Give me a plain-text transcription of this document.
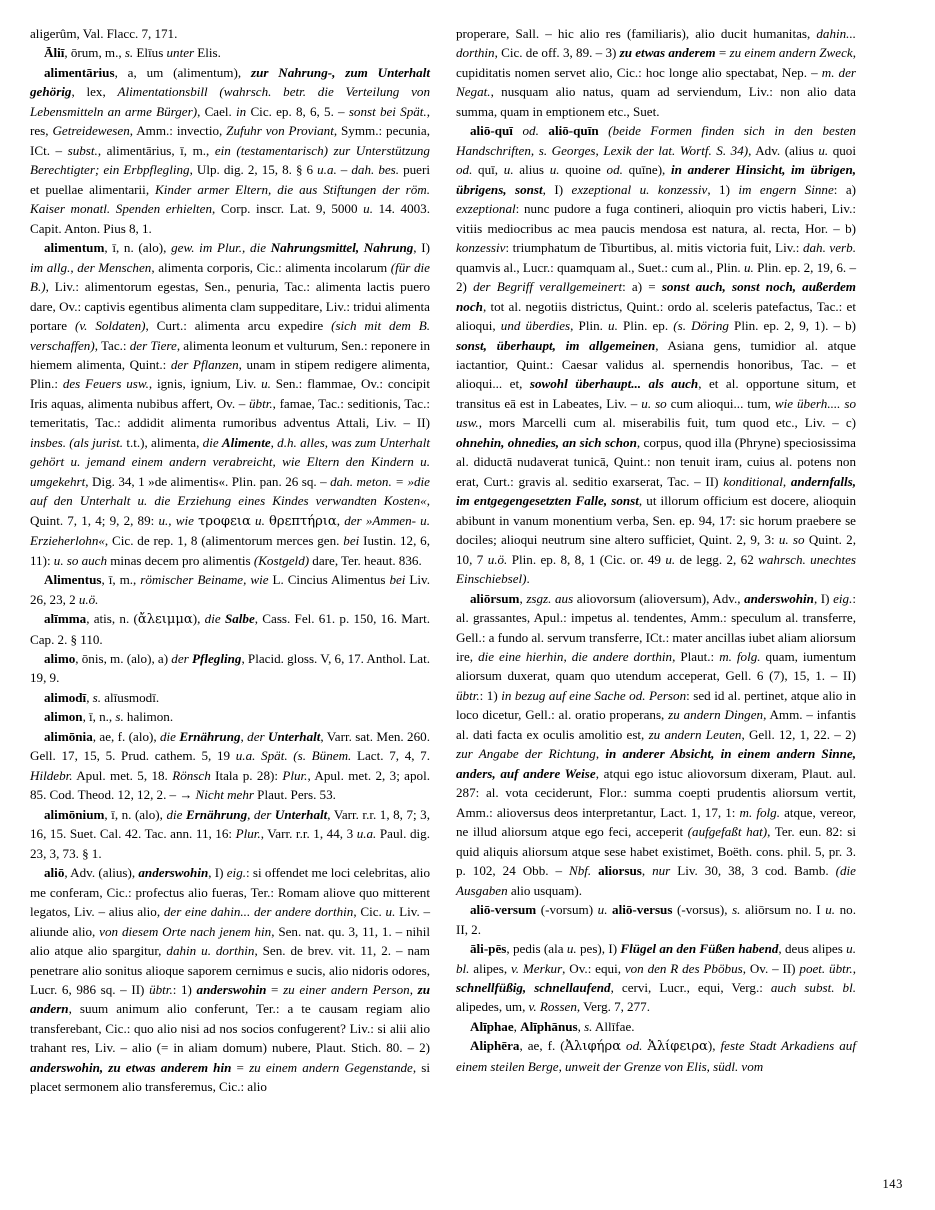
aligerûm, Val. Flacc. 7, 171.

Āliī, ōrum, m., s. Elīus unter Elis.

alimentārius, a, um (alimentum), zur Nahrung-, zum Unterhalt gehörig, lex, Alimentationsbill (wahrsch. betr. die Verteilung von Lebensmitteln an arme Bürger), Cael. in Cic. ep. 8, 6, 5. – sonst bei Spät., res, Getreidewesen, Amm.: invectio, Zufuhr von Proviant, Symm.: pecunia, ICt. – subst., alimentārius, ī, m., ein (testamentarisch) zur Unterstützung Berechtigter; ein Erbpflegling, Ulp. dig. 2, 15, 8. § 6 u.a. – dah. bes. pueri et puellae alimentarii, Kinder armer Eltern, die aus Stiftungen der röm. Kaiser monatl. Spenden erhielten, Corp. inscr. Lat. 9, 5000 u. 14. 4003. Capit. Anton. Pius 8, 1.

alimentum, ī, n. (alo), gew. im Plur., die Nahrungsmittel, Nahrung, I) im allg., der Menschen, alimenta corporis, Cic.: alimenta incolarum (für die B.), Liv.: alimentorum egestas, Sen., penuria, Tac.: alimenta lactis puero dare, Ov.: captivis egentibus alimenta clam suppeditare, Liv.: tridui alimenta portare (v. Soldaten), Curt.: alimenta arcu expedire (sich mit dem B. verschaffen), Tac.: der Tiere, alimenta leonum et vulturum, Sen.: reponere in hiemem alimenta, Quint.: der Pflanzen, unam in stipem redigere alimenta, Plin.: des Feuers usw., ignis, ignium, Liv. u. Sen.: flammae, Ov.: concipit Iris aquas, alimenta nubibus affert, Ov. – übtr., famae, Tac.: seditionis, Tac.: temeritatis, Tac.: addidit alimenta rumoribus adventus Attali, Liv. – II) insbes. (als jurist. t.t.), alimenta, die Alimente, d.h. alles, was zum Unterhalt gehört u. jemand einem andern verabreicht, wie Eltern den Kindern u. umgekehrt, Dig. 34, 1 »de alimentis«. Plin. pan. 26 sq. – dah. meton. = »die auf den Unterhalt u. die Erziehung eines Kindes verwandten Kosten«, Quint. 7, 1, 4; 9, 2, 89: u., wie τροφεια u. θρεπτήρια, der »Ammen- u. Erzieherlohn«, Cic. de rep. 1, 8 (alimentorum merces gen. bei Iustin. 12, 6, 11): u. so auch minas decem pro alimentis (Kostgeld) dare, Ter. heaut. 836.

Alimentus, ī, m., römischer Beiname, wie L. Cincius Alimentus bei Liv. 26, 23, 2 u.ö.

alīmma, atis, n. (ἄλειμμα), die Salbe, Cass. Fel. 61. p. 150, 16. Mart. Cap. 2. § 110.

alimo, ōnis, m. (alo), a) der Pflegling, Placid. gloss. V, 6, 17. Anthol. Lat. 19, 9.

alimodī, s. alīusmodī.

alimon, ī, n., s. halimon.

alimōnia, ae, f. (alo), die Ernährung, der Unterhalt, Varr. sat. Men. 260. Gell. 17, 15, 5. Prud. cathem. 5, 19 u.a. Spät. (s. Bünem. Lact. 7, 4, 7. Hildebr. Apul. met. 5, 18. Rönsch Itala p. 28): Plur., Apul. met. 2, 3; apol. 85. Cod. Theod. 12, 12, 2. – → Nicht mehr Plaut. Pers. 53.

alimōnium, ī, n. (alo), die Ernährung, der Unterhalt, Varr. r.r. 1, 8, 7; 3, 16, 15. Suet. Cal. 42. Tac. ann. 11, 16: Plur., Varr. r.r. 1, 44, 3 u.a. Paul. dig. 23, 3, 73. § 1.

aliō, Adv. (alius), anderswohin, I) eig.: si offendet me loci celebritas, alio me conferam, Cic.: profectus alio fueras, Ter.: Romam aliove quo mitterent legatos, Liv. – alius alio, der eine dahin... der andere dorthin, Cic. u. Liv. – aliunde alio, von diesem Orte nach jenem hin, Sen. nat. qu. 3, 11, 1. – nihil alio atque alio spargitur, dahin u. dorthin, Sen. de brev. vit. 11, 2. – nam penetrare alio sonitus alioque saporem cernimus e sucis, alio nidoris odores, Lucr. 6, 986 sq. – II) übtr.: 1) anderswohin = zu einer andern Person, zu andern, suum animum alio conferunt, Ter.: a te causam regiam alio transferebant, Cic.: quo alio nisi ad nos socios confugerent? Liv.: si alii alio trahant res, Liv. – alio (= in aliam domum) nubere, Plaut. Stich. 80. – 2) anderswohin, zu etwas anderem hin = zu einem andern Gegenstande, si placet sermonem alio transferemus, Cic.: alio

properare, Sall. – hic alio res (familiaris), alio ducit humanitas, dahin... dorthin, Cic. de off. 3, 89. – 3) zu etwas anderem = zu einem andern Zweck, cupiditatis nomen servet alio, Cic.: hoc longe alio spectabat, Nep. – m. der Negat., nusquam alio natus, quam ad serviendum, Liv.: non alio data summa, quam in emptionem etc., Suet.

aliō-quī od. aliō-quīn (beide Formen finden sich in den besten Handschriften, s. Georges, Lexik der lat. Wortf. S. 34), Adv. (alius u. quoi od. quī, u. alius u. quoine od. quīne), in anderer Hinsicht, im übrigen, übrigens, sonst, I) exzeptional u. konzessiv, 1) im engern Sinne: a) exzeptional: nunc pudore a fuga contineri, alioquin pro victis haberi, Liv.: vitiis mediocribus ac mea paucis mendosa est natura, al. recta, Hor. – b) konzessiv: triumphatum de Tiburtibus, al. mitis victoria fuit, Liv.: dah. verb. quamvis al., Lucr.: quamquam al., Suet.: cum al., Plin. u. Plin. ep. 2, 19, 6. – 2) der Begriff verallgemeinert: a) = sonst auch, sonst noch, außerdem noch, tot al. negotiis districtus, Quint.: ordo al. sceleris patefactus, Tac.: et alioqui, und überdies, Plin. u. Plin. ep. (s. Döring Plin. ep. 2, 9, 1). – b) sonst, überhaupt, im allgemeinen, Asiana gens, tumidior al. atque iactantior, Quint.: Caesar validus al. spernendis honoribus, Tac. – et alioqui... et, sowohl überhaupt... als auch, et al. opportune situm, et transitus eā est in Labeates, Liv. – u. so cum alioqui... tum, wie überh.... so usw., mors Marcelli cum al. miserabilis fuit, tum quod etc., Liv. – c) ohnehin, ohnedies, an sich schon, corpus, quod illa (Phryne) speciosissima al. diductā nudaverat tunicā, Quint.: non tenuit iram, cuius al. potens non erat, Curt.: gravis al. seditio exarserat, Tac. – II) konditional, andernfalls, im entgegengesetzten Falle, sonst, ut illorum officium est docere, alioquin abibunt in vanum monentium verba, Sen. ep. 94, 17: sic horum praebere se dociles; alioqui neutrum sine altero sufficiet, Quint. 2, 9, 3: u. so Quint. 2, 10, 7 u.ö. Plin. ep. 8, 8, 1 (Cic. or. 49 u. de legg. 2, 62 wahrsch. unechtes Einschiebsel).

aliōrsum, zsgz. aus aliovorsum (alioversum), Adv., anderswohin, I) eig.: al. grassantes, Apul.: impetus al. tendentes, Amm.: speculum al. transferre, Gell.: a fundo al. servum transferre, ICt.: mater ancillas iubet aliam aliorsum ire, die eine hierhin, die andere dorthin, Plaut.: m. folg. quam, iumentum aliorsum duxerat, quam quo utendum acceperat, Gell. 6 (7), 15, 1. – II) übtr.: 1) in bezug auf eine Sache od. Person: sed id al. pertinet, atque alio in loco dicetur, Gell.: al. oratio properans, zu andern Dingen, Amm. – infantis al. dati facta ex oculis amolitio est, zu andern Leuten, Gell. 12, 1, 22. – 2) zur Angabe der Richtung, in anderer Absicht, in einem andern Sinne, anders, auf andere Weise, atqui ego istuc aliovorsum dixeram, Plaut. aul. 287: al. vota ceciderunt, Flor.: summa coepti prudentis aliorsum vertit, Amm.: alioversus deos interpretantur, Lact. 1, 17, 1: m. folg. atque, vereor, ne illud aliorsum atque ego feci, acceperit (aufgefaßt hat), Ter. eun. 82: si quid aliquis aliorsum atque sese habet existimet, Boëth. cons. phil. 5, pr. 3. p. 102, 24 Obb. – Nbf. aliorsus, nur Liv. 30, 38, 3 cod. Bamb. (die Ausgaben alio usquam).

aliō-versum (-vorsum) u. aliō-versus (-vorsus), s. aliōrsum no. I u. no. II, 2.

āli-pēs, pedis (ala u. pes), I) Flügel an den Füßen habend, deus alipes u. bl. alipes, v. Merkur, Ov.: equi, von den R des Pböbus, Ov. – II) poet. übtr., schnellfüßig, schnellaufend, cervi, Lucr., equi, Verg.: auch subst. bl. alipedes, um, v. Rossen, Verg. 7, 277.

Alīphae, Alīphānus, s. Allīfae.

Aliphēra, ae, f. (Ἀλιφήρα od. Ἀλίφειρα), feste Stadt Arkadiens auf einem steilen Berge, unweit der Grenze von Elis, südl. vom

143
